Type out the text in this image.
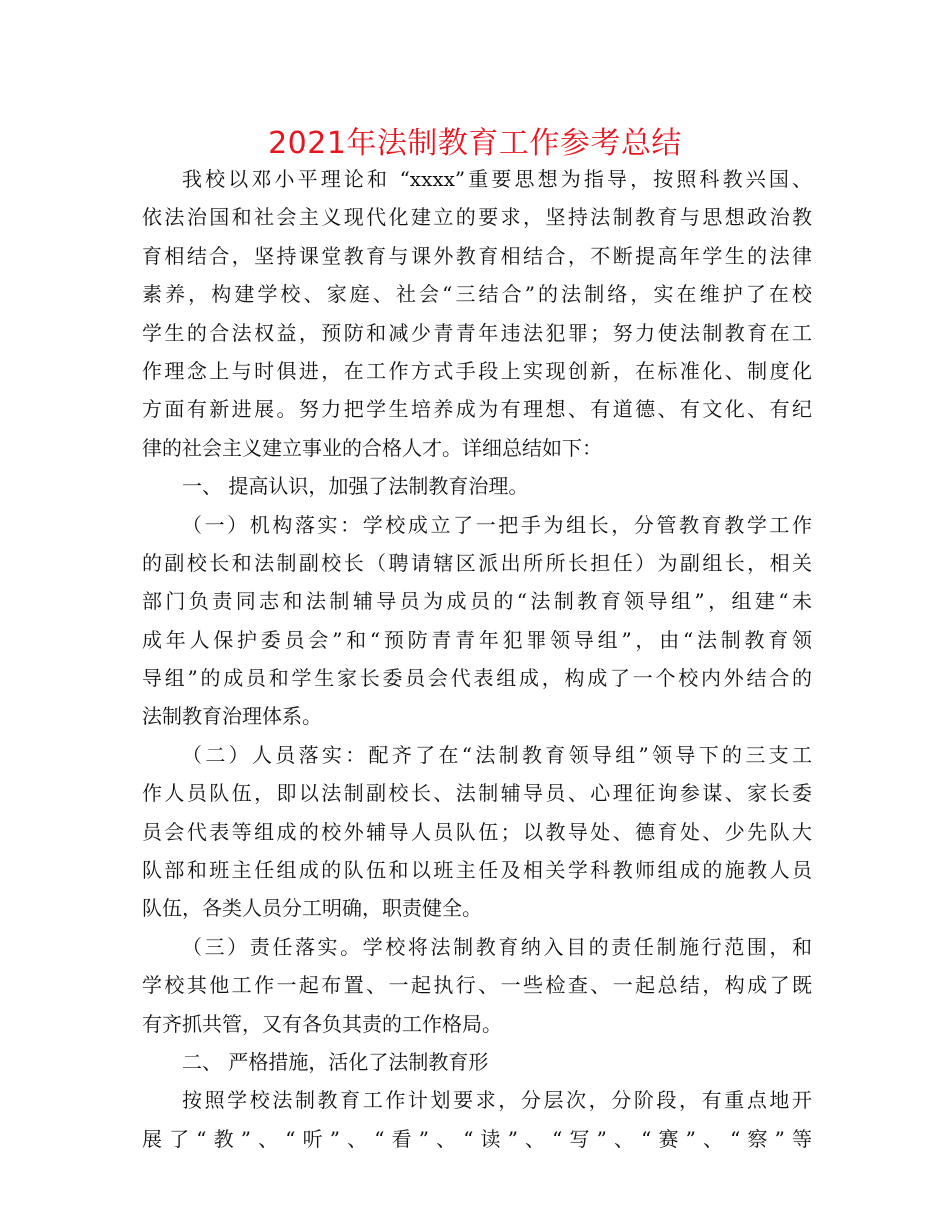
2021年法制教育工作参考总结
我校以邓小平理论和 “xxxx”重要思想为指导，按照科教兴国、
依法治国和社会主义现代化建立的要求，坚持法制教育与思想政治教
育相结合，坚持课堂教育与课外教育相结合，不断提高年学生的法律
素养，构建学校、家庭、社会“三结合”的法制络，实在维护了在校
学生的合法权益，预防和减少青青年违法犯罪；努力使法制教育在工
作理念上与时俱进，在工作方式手段上实现创新，在标准化、制度化
方面有新进展。努力把学生培养成为有理想、有道德、有文化、有纪
律的社会主义建立事业的合格人才。详细总结如下：
一、 提高认识，加强了法制教育治理。
（一）机构落实：学校成立了一把手为组长，分管教育教学工作
的副校长和法制副校长（聘请辖区派出所所长担任）为副组长，相关
部门负责同志和法制辅导员为成员的“法制教育领导组”，组建“未
成年人保护委员会”和“预防青青年犯罪领导组”，由“法制教育领
导组”的成员和学生家长委员会代表组成，构成了一个校内外结合的
法制教育治理体系。
（二）人员落实：配齐了在“法制教育领导组”领导下的三支工
作人员队伍，即以法制副校长、法制辅导员、心理征询参谋、家长委
员会代表等组成的校外辅导人员队伍；以教导处、德育处、少先队大
队部和班主任组成的队伍和以班主任及相关学科教师组成的施教人员
队伍，各类人员分工明确，职责健全。
（三）责任落实。学校将法制教育纳入目的责任制施行范围，和
学校其他工作一起布置、一起执行、一些检查、一起总结，构成了既
有齐抓共管，又有各负其责的工作格局。
二、 严格措施，活化了法制教育形
按照学校法制教育工作计划要求，分层次，分阶段，有重点地开
展了“教”、“听”、“看”、“读”、“写”、“赛”、“察”等
